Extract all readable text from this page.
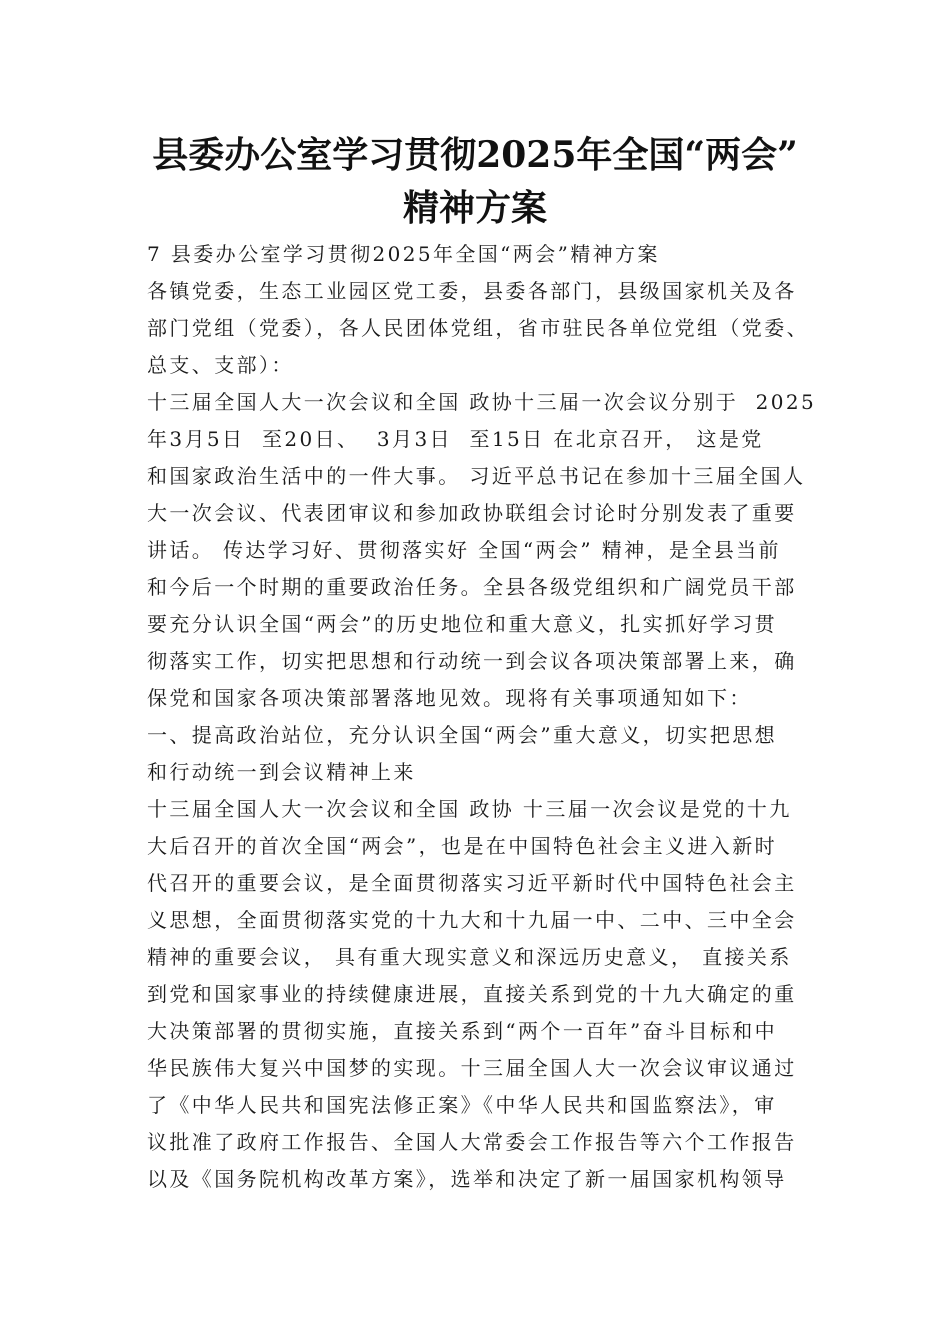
县委办公室学习贯彻2025年全国“两会”
精神方案
7 县委办公室学习贯彻2025年全国“两会”精神方案
各镇党委，生态工业园区党工委，县委各部门，县级国家机关及各
部门党组（党委），各人民团体党组，省市驻民各单位党组（党委、
总支、支部）：
十三届全国人大一次会议和全国 政协十三届一次会议分别于  2025
年3月5日  至20日、  3月3日  至15日 在北京召开， 这是党
和国家政治生活中的一件大事。 习近平总书记在参加十三届全国人
大一次会议、代表团审议和参加政协联组会讨论时分别发表了重要
讲话。 传达学习好、贯彻落实好 全国“两会” 精神，是全县当前
和今后一个时期的重要政治任务。全县各级党组织和广阔党员干部
要充分认识全国“两会”的历史地位和重大意义，扎实抓好学习贯
彻落实工作，切实把思想和行动统一到会议各项决策部署上来，确
保党和国家各项决策部署落地见效。现将有关事项通知如下：
一、提高政治站位，充分认识全国“两会”重大意义，切实把思想
和行动统一到会议精神上来
十三届全国人大一次会议和全国 政协 十三届一次会议是党的十九
大后召开的首次全国“两会”，也是在中国特色社会主义进入新时
代召开的重要会议，是全面贯彻落实习近平新时代中国特色社会主
义思想，全面贯彻落实党的十九大和十九届一中、二中、三中全会
精神的重要会议， 具有重大现实意义和深远历史意义， 直接关系
到党和国家事业的持续健康进展，直接关系到党的十九大确定的重
大决策部署的贯彻实施，直接关系到“两个一百年”奋斗目标和中
华民族伟大复兴中国梦的实现。十三届全国人大一次会议审议通过
了《中华人民共和国宪法修正案》《中华人民共和国监察法》，审
议批准了政府工作报告、全国人大常委会工作报告等六个工作报告
以及《国务院机构改革方案》，选举和决定了新一届国家机构领导
